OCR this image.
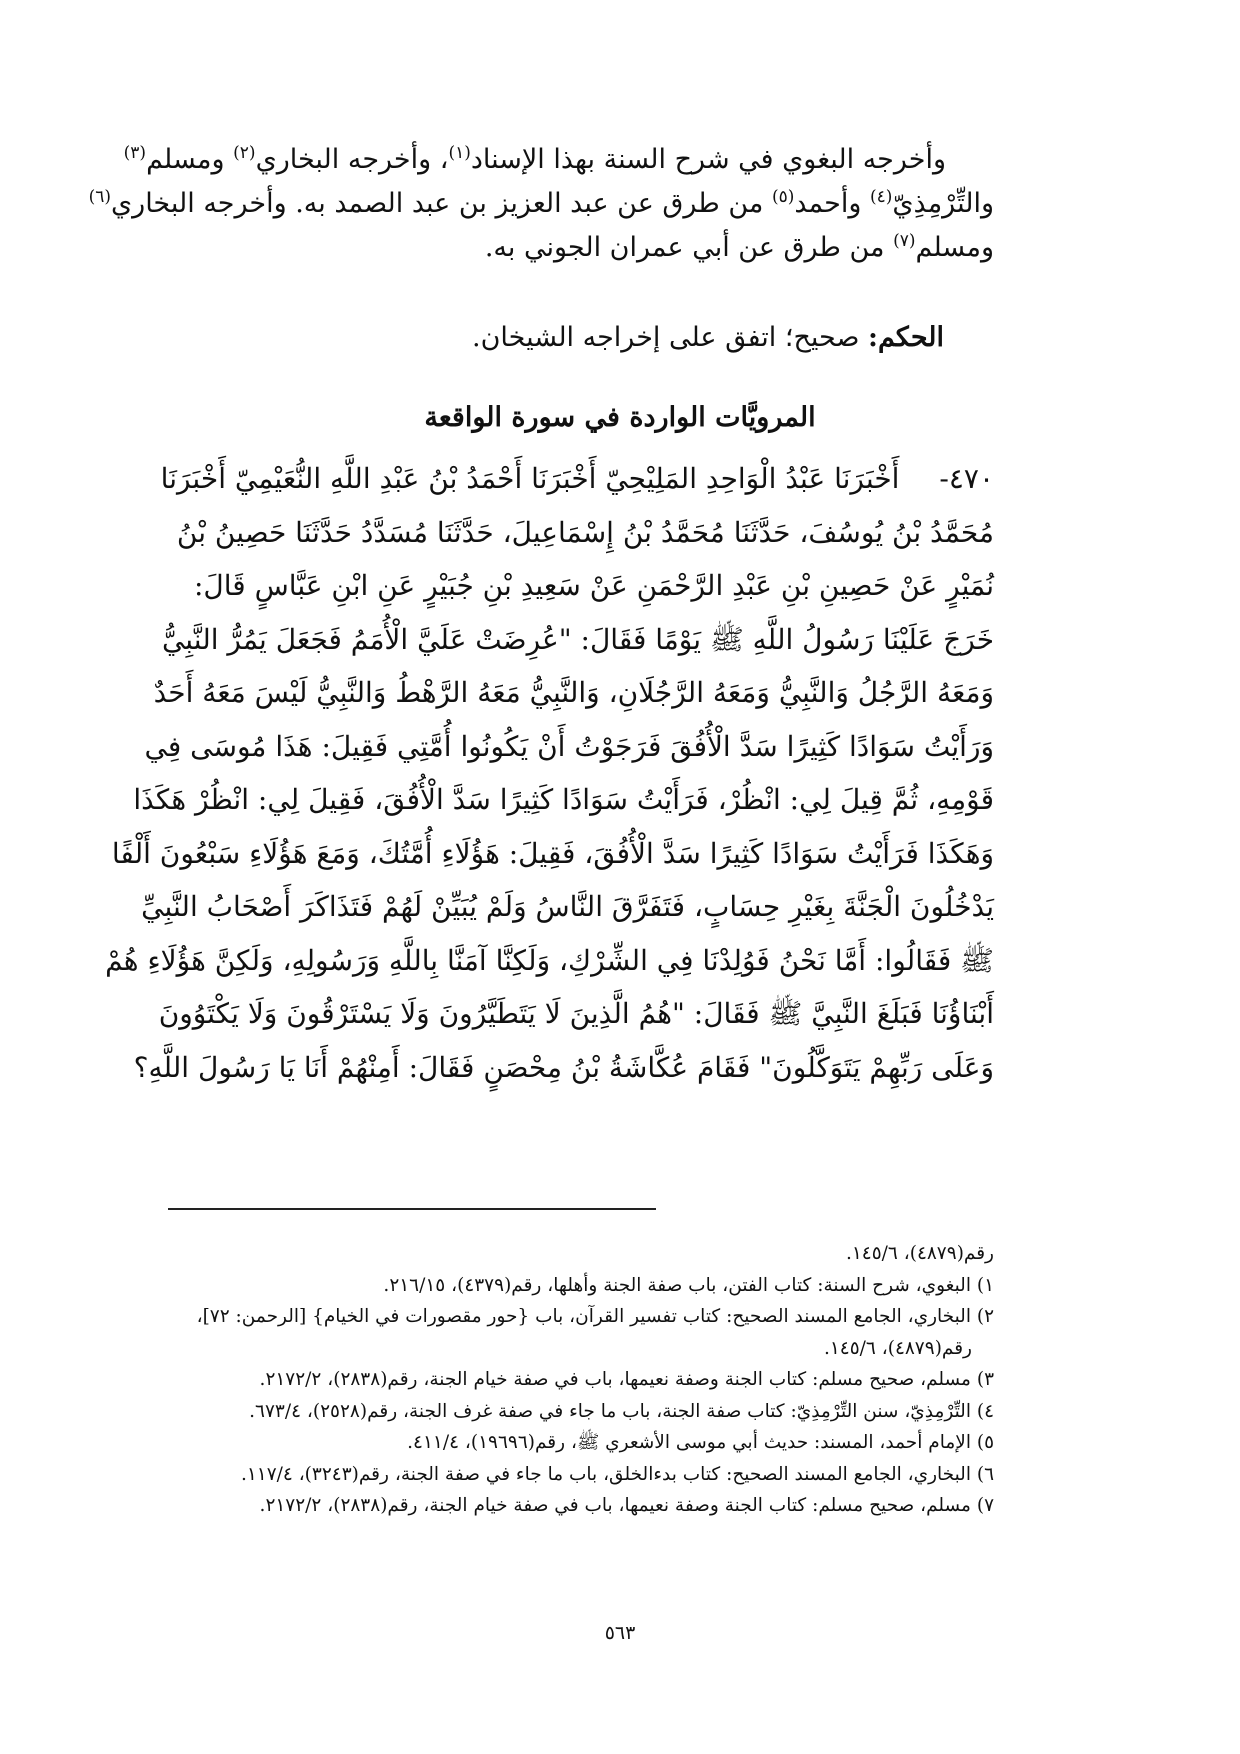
وأخرجه البغوي في شرح السنة بهذا الإسناد$^{(١)}$، وأخرجه البخاري$^{(٢)}$ ومسلم$^{(٣)}$
والتِّرْمِذِيّ$^{(٤)}$ وأحمد$^{(٥)}$ من طرق عن عبد العزيز بن عبد الصمد به. وأخرجه البخاري$^{(٦)}$
ومسلم$^{(٧)}$ من طرق عن أبي عمران الجوني به.
الحكم: صحيح؛ اتفق على إخراجه الشيخان.
المرويَّات الواردة في سورة الواقعة
٤٧٠-أَخْبَرَنَا عَبْدُ الْوَاحِدِ المَلِيْحِيّ أَخْبَرَنَا أَحْمَدُ بْنُ عَبْدِ اللَّهِ النُّعَيْمِيّ أَخْبَرَنَا
مُحَمَّدُ بْنُ يُوسُفَ، حَدَّثَنَا مُحَمَّدُ بْنُ إِسْمَاعِيلَ، حَدَّثَنَا مُسَدَّدُ حَدَّثَنَا حَصِينُ بْنُ
نُمَيْرٍ عَنْ حَصِينِ بْنِ عَبْدِ الرَّحْمَنِ عَنْ سَعِيدِ بْنِ جُبَيْرٍ عَنِ ابْنِ عَبَّاسٍ قَالَ:
خَرَجَ عَلَيْنَا رَسُولُ اللَّهِ ﷺ يَوْمًا فَقَالَ: "عُرِضَتْ عَلَيَّ الْأُمَمُ فَجَعَلَ يَمُرُّ النَّبِيُّ
وَمَعَهُ الرَّجُلُ وَالنَّبِيُّ وَمَعَهُ الرَّجُلَانِ، وَالنَّبِيُّ مَعَهُ الرَّهْطُ وَالنَّبِيُّ لَيْسَ مَعَهُ أَحَدٌ
وَرَأَيْتُ سَوَادًا كَثِيرًا سَدَّ الْأُفُقَ فَرَجَوْتُ أَنْ يَكُونُوا أُمَّتِي فَقِيلَ: هَذَا مُوسَى فِي
قَوْمِهِ، ثُمَّ قِيلَ لِي: انْظُرْ، فَرَأَيْتُ سَوَادًا كَثِيرًا سَدَّ الْأُفُقَ، فَقِيلَ لِي: انْظُرْ هَكَذَا
وَهَكَذَا فَرَأَيْتُ سَوَادًا كَثِيرًا سَدَّ الْأُفُقَ، فَقِيلَ: هَؤُلَاءِ أُمَّتُكَ، وَمَعَ هَؤُلَاءِ سَبْعُونَ أَلْفًا
يَدْخُلُونَ الْجَنَّةَ بِغَيْرِ حِسَابٍ، فَتَفَرَّقَ النَّاسُ وَلَمْ يُبَيِّنْ لَهُمْ فَتَذَاكَرَ أَصْحَابُ النَّبِيِّ
ﷺ فَقَالُوا: أَمَّا نَحْنُ فَوُلِدْنَا فِي الشِّرْكِ، وَلَكِنَّا آمَنَّا بِاللَّهِ وَرَسُولِهِ، وَلَكِنَّ هَؤُلَاءِ هُمْ
أَبْنَاؤُنَا فَبَلَغَ النَّبِيَّ ﷺ فَقَالَ: "هُمُ الَّذِينَ لَا يَتَطَيَّرُونَ وَلَا يَسْتَرْقُونَ وَلَا يَكْتَوُونَ
وَعَلَى رَبِّهِمْ يَتَوَكَّلُونَ" فَقَامَ عُكَّاشَةُ بْنُ مِحْصَنٍ فَقَالَ: أَمِنْهُمْ أَنَا يَا رَسُولَ اللَّهِ؟
رقم(٤٨٧٩)، ١٤٥/٦.
١) البغوي، شرح السنة: كتاب الفتن، باب صفة الجنة وأهلها، رقم(٤٣٧٩)، ٢١٦/١٥.
٢) البخاري، الجامع المسند الصحيح: كتاب تفسير القرآن، باب {حور مقصورات في الخيام} [الرحمن: ٧٢]،
رقم(٤٨٧٩)، ١٤٥/٦.
٣) مسلم، صحيح مسلم: كتاب الجنة وصفة نعيمها، باب في صفة خيام الجنة، رقم(٢٨٣٨)، ٢١٧٢/٢.
٤) التِّرْمِذِيّ، سنن التِّرْمِذِيّ: كتاب صفة الجنة، باب ما جاء في صفة غرف الجنة، رقم(٢٥٢٨)، ٦٧٣/٤.
٥) الإمام أحمد، المسند: حديث أبي موسى الأشعري ﷺ، رقم(١٩٦٩٦)، ٤١١/٤.
٦) البخاري، الجامع المسند الصحيح: كتاب بدءالخلق، باب ما جاء في صفة الجنة، رقم(٣٢٤٣)، ١١٧/٤.
٧) مسلم، صحيح مسلم: كتاب الجنة وصفة نعيمها، باب في صفة خيام الجنة، رقم(٢٨٣٨)، ٢١٧٢/٢.
٥٦٣
